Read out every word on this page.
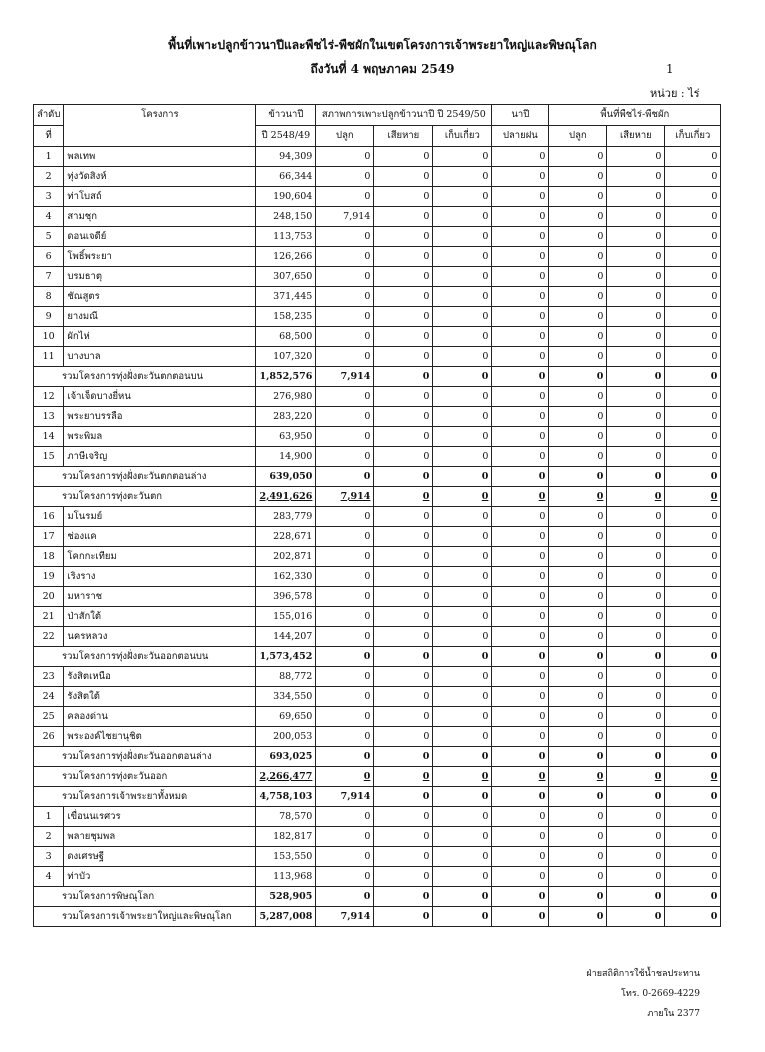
พื้นที่เพาะปลูกข้าวนาปีและพืชไร่-พืชผักในเขตโครงการเจ้าพระยาใหญ่และพิษณุโลก
ถึงวันที่ 4 พฤษภาคม 2549	1
หน่วย : ไร่
ลำดับ	โครงการ	ข้าวนาปี	สภาพการเพาะปลูกข้าวนาปี ปี 2549/50			นาปี	พื้นที่พืชไร่-พืชผัก		
ที่		ปี 2548/49	ปลูก	เสียหาย	เก็บเกี่ยว	ปลายฝน	ปลูก	เสียหาย	เก็บเกี่ยว
1	พลเทพ	94,309	0	0	0	0	0	0	0
2	ทุ่งวัดสิงห์	66,344	0	0	0	0	0	0	0
3	ท่าโบสถ์	190,604	0	0	0	0	0	0	0
4	สามชุก	248,150	7,914	0	0	0	0	0	0
5	ดอนเจดีย์	113,753	0	0	0	0	0	0	0
6	โพธิ์พระยา	126,266	0	0	0	0	0	0	0
7	บรมธาตุ	307,650	0	0	0	0	0	0	0
8	ชัณสูตร	371,445	0	0	0	0	0	0	0
9	ยางมณี	158,235	0	0	0	0	0	0	0
10	ผักไห่	68,500	0	0	0	0	0	0	0
11	บางบาล	107,320	0	0	0	0	0	0	0
รวมโครงการทุ่งฝั่งตะวันตกตอนบน		1,852,576	7,914	0	0	0	0	0	0
12	เจ้าเจ็ดบางยี่หน	276,980	0	0	0	0	0	0	0
13	พระยาบรรลือ	283,220	0	0	0	0	0	0	0
14	พระพิมล	63,950	0	0	0	0	0	0	0
15	ภาษีเจริญ	14,900	0	0	0	0	0	0	0
รวมโครงการทุ่งฝั่งตะวันตกตอนล่าง		639,050	0	0	0	0	0	0	0
รวมโครงการทุ่งตะวันตก		2,491,626	7,914	0	0	0	0	0	0
16	มโนรมย์	283,779	0	0	0	0	0	0	0
17	ช่องแค	228,671	0	0	0	0	0	0	0
18	โคกกะเทียม	202,871	0	0	0	0	0	0	0
19	เริงราง	162,330	0	0	0	0	0	0	0
20	มหาราช	396,578	0	0	0	0	0	0	0
21	ป่าสักใต้	155,016	0	0	0	0	0	0	0
22	นครหลวง	144,207	0	0	0	0	0	0	0
รวมโครงการทุ่งฝั่งตะวันออกตอนบน		1,573,452	0	0	0	0	0	0	0
23	รังสิตเหนือ	88,772	0	0	0	0	0	0	0
24	รังสิตใต้	334,550	0	0	0	0	0	0	0
25	คลองด่าน	69,650	0	0	0	0	0	0	0
26	พระองค์ไชยานุชิต	200,053	0	0	0	0	0	0	0
รวมโครงการทุ่งฝั่งตะวันออกตอนล่าง		693,025	0	0	0	0	0	0	0
รวมโครงการทุ่งตะวันออก		2,266,477	0	0	0	0	0	0	0
รวมโครงการเจ้าพระยาทั้งหมด		4,758,103	7,914	0	0	0	0	0	0
1	เขื่อนนเรศวร	78,570	0	0	0	0	0	0	0
2	พลายชุมพล	182,817	0	0	0	0	0	0	0
3	ดงเศรษฐี	153,550	0	0	0	0	0	0	0
4	ท่าบัว	113,968	0	0	0	0	0	0	0
รวมโครงการพิษณุโลก		528,905	0	0	0	0	0	0	0
รวมโครงการเจ้าพระยาใหญ่และพิษณุโลก		5,287,008	7,914	0	0	0	0	0	0
ฝ่ายสถิติการใช้น้ำชลประทาน
โทร. 0-2669-4229
ภายใน 2377
